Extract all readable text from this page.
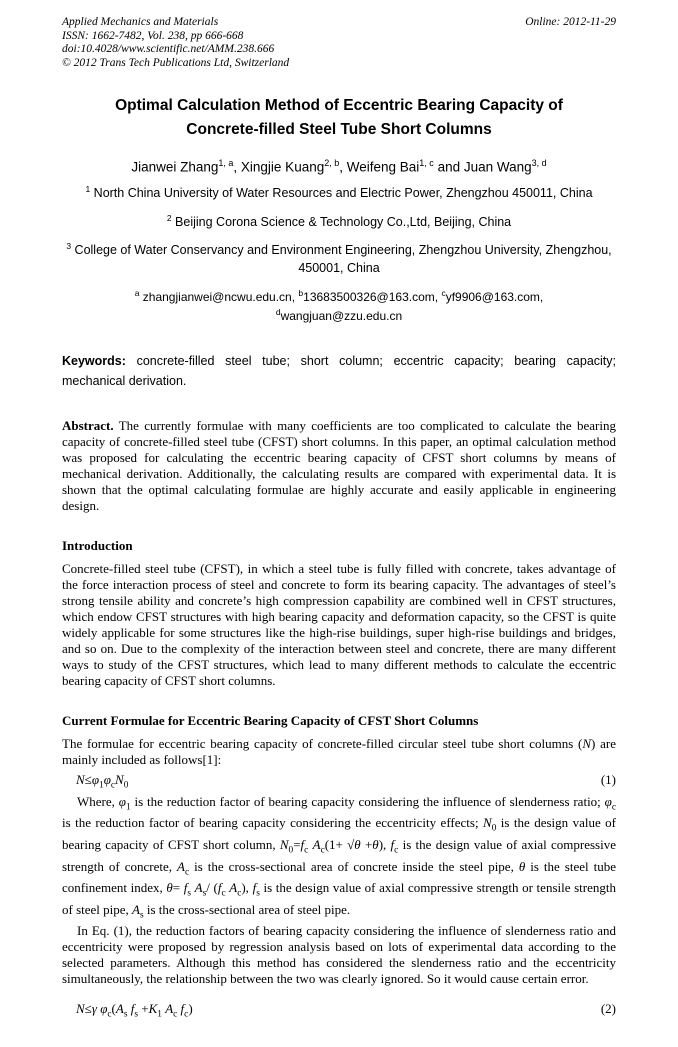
Applied Mechanics and Materials	Online: 2012-11-29
ISSN: 1662-7482, Vol. 238, pp 666-668
doi:10.4028/www.scientific.net/AMM.238.666
© 2012 Trans Tech Publications Ltd, Switzerland
Optimal Calculation Method of Eccentric Bearing Capacity of Concrete-filled Steel Tube Short Columns
Jianwei Zhang$^{1, a}$, Xingjie Kuang$^{2, b}$, Weifeng Bai$^{1, c}$ and Juan Wang$^{3, d}$
$^1$ North China University of Water Resources and Electric Power, Zhengzhou 450011, China
$^2$ Beijing Corona Science & Technology Co.,Ltd, Beijing, China
$^3$ College of Water Conservancy and Environment Engineering, Zhengzhou University, Zhengzhou, 450001, China
$^a$ zhangjianwei@ncwu.edu.cn, $^b$13683500326@163.com, $^c$yf9906@163.com,
$^d$wangjuan@zzu.edu.cn
Keywords: concrete-filled steel tube; short column; eccentric capacity; bearing capacity; mechanical derivation.
Abstract. The currently formulae with many coefficients are too complicated to calculate the bearing capacity of concrete-filled steel tube (CFST) short columns. In this paper, an optimal calculation method was proposed for calculating the eccentric bearing capacity of CFST short columns by means of mechanical derivation. Additionally, the calculating results are compared with experimental data. It is shown that the optimal calculating formulae are highly accurate and easily applicable in engineering design.
Introduction
Concrete-filled steel tube (CFST), in which a steel tube is fully filled with concrete, takes advantage of the force interaction process of steel and concrete to form its bearing capacity. The advantages of steel’s strong tensile ability and concrete’s high compression capability are combined well in CFST structures, which endow CFST structures with high bearing capacity and deformation capacity, so the CFST is quite widely applicable for some structures like the high-rise buildings, super high-rise buildings and bridges, and so on. Due to the complexity of the interaction between steel and concrete, there are many different ways to study of the CFST structures, which lead to many different methods to calculate the eccentric bearing capacity of CFST short columns.
Current Formulae for Eccentric Bearing Capacity of CFST Short Columns
The formulae for eccentric bearing capacity of concrete-filled circular steel tube short columns (N) are mainly included as follows[1]:
$N\le\varphi_1\varphi_cN_0$	(1)
Where, $\varphi_1$ is the reduction factor of bearing capacity considering the influence of slenderness ratio; $\varphi_c$ is the reduction factor of bearing capacity considering the eccentricity effects; $N_0$ is the design value of bearing capacity of CFST short column, $N_0=f_c$ $A_c(1+ √\theta +\theta)$, $f_c$ is the design value of axial compressive strength of concrete, $A_c$ is the cross-sectional area of concrete inside the steel pipe, θ is the steel tube confinement index, $\theta= f_s$ $A_s/$ ($f_c$ $A_c$), $f_s$ is the design value of axial compressive strength or tensile strength of steel pipe, $A_s$ is the cross-sectional area of steel pipe.
In Eq. (1), the reduction factors of bearing capacity considering the influence of slenderness ratio and eccentricity were proposed by regression analysis based on lots of experimental data according to the selected parameters. Although this method has considered the slenderness ratio and the eccentricity simultaneously, the relationship between the two was clearly ignored. So it would cause certain error.
N≤γ $\varphi_c(A_s$ $f_s +K_1$ $A_c$ $f_c$)	(2)
